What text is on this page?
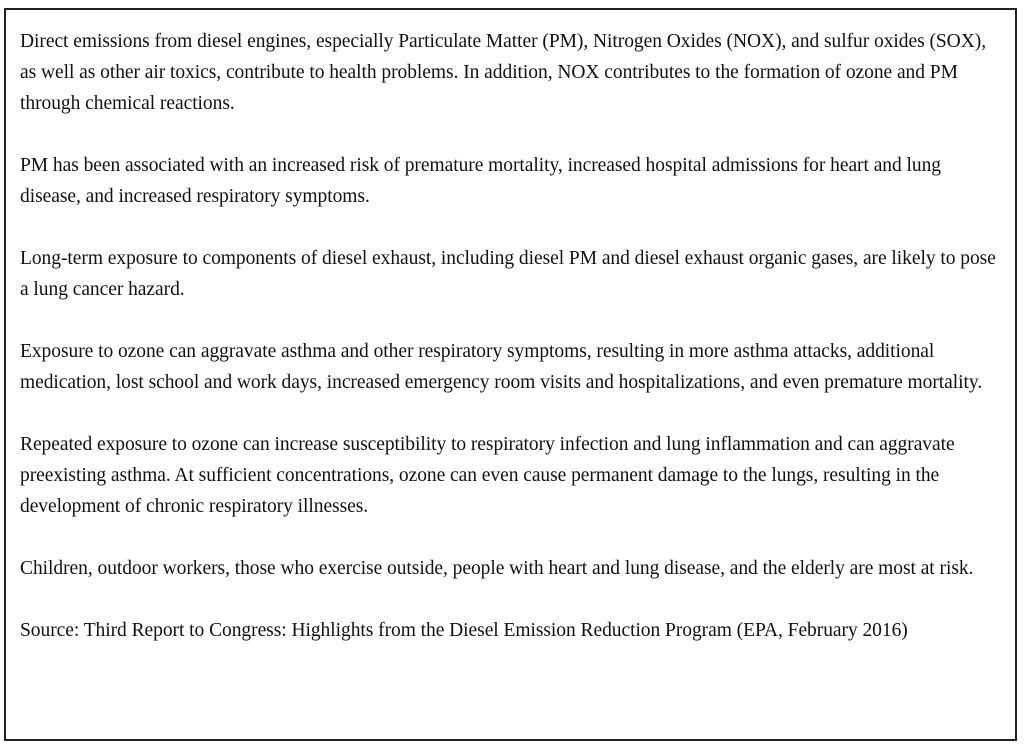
Direct emissions from diesel engines, especially Particulate Matter (PM), Nitrogen Oxides (NOX), and sulfur oxides (SOX), as well as other air toxics, contribute to health problems. In addition, NOX contributes to the formation of ozone and PM through chemical reactions.

PM has been associated with an increased risk of premature mortality, increased hospital admissions for heart and lung disease, and increased respiratory symptoms.

Long-term exposure to components of diesel exhaust, including diesel PM and diesel exhaust organic gases, are likely to pose a lung cancer hazard.

Exposure to ozone can aggravate asthma and other respiratory symptoms, resulting in more asthma attacks, additional medication, lost school and work days, increased emergency room visits and hospitalizations, and even premature mortality.

Repeated exposure to ozone can increase susceptibility to respiratory infection and lung inflammation and can aggravate preexisting asthma. At sufficient concentrations, ozone can even cause permanent damage to the lungs, resulting in the development of chronic respiratory illnesses.

Children, outdoor workers, those who exercise outside, people with heart and lung disease, and the elderly are most at risk.

Source: Third Report to Congress: Highlights from the Diesel Emission Reduction Program (EPA, February 2016)
